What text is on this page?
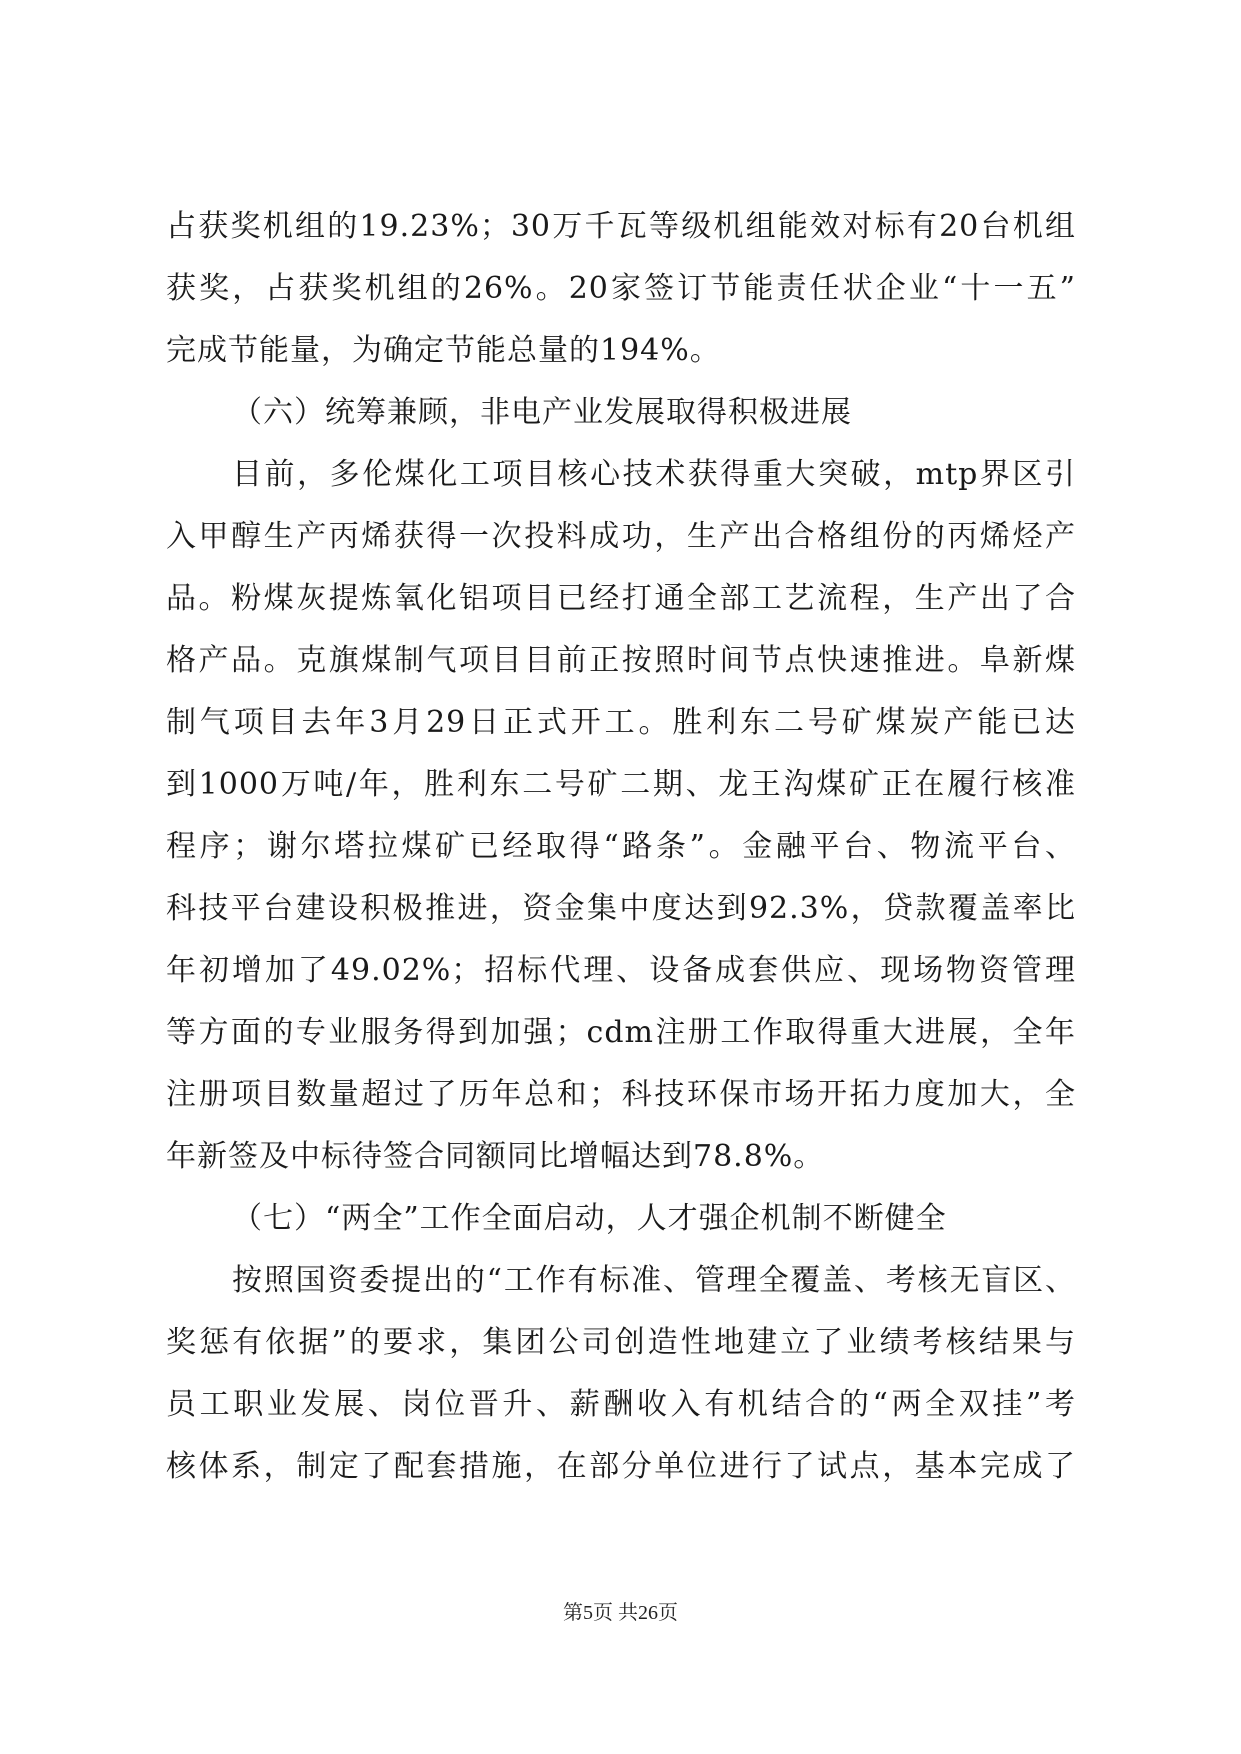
占获奖机组的19.23%；30万千瓦等级机组能效对标有20台机组
获奖，占获奖机组的26%。20家签订节能责任状企业“十一五”
完成节能量，为确定节能总量的194%。
（六）统筹兼顾，非电产业发展取得积极进展
目前，多伦煤化工项目核心技术获得重大突破，mtp界区引
入甲醇生产丙烯获得一次投料成功，生产出合格组份的丙烯烃产
品。粉煤灰提炼氧化铝项目已经打通全部工艺流程，生产出了合
格产品。克旗煤制气项目目前正按照时间节点快速推进。阜新煤
制气项目去年3月29日正式开工。胜利东二号矿煤炭产能已达
到1000万吨/年，胜利东二号矿二期、龙王沟煤矿正在履行核准
程序；谢尔塔拉煤矿已经取得“路条”。金融平台、物流平台、
科技平台建设积极推进，资金集中度达到92.3%，贷款覆盖率比
年初增加了49.02%；招标代理、设备成套供应、现场物资管理
等方面的专业服务得到加强；cdm注册工作取得重大进展，全年
注册项目数量超过了历年总和；科技环保市场开拓力度加大，全
年新签及中标待签合同额同比增幅达到78.8%。
（七）“两全”工作全面启动，人才强企机制不断健全
按照国资委提出的“工作有标准、管理全覆盖、考核无盲区、
奖惩有依据”的要求，集团公司创造性地建立了业绩考核结果与
员工职业发展、岗位晋升、薪酬收入有机结合的“两全双挂”考
核体系，制定了配套措施，在部分单位进行了试点，基本完成了
第5页 共26页
